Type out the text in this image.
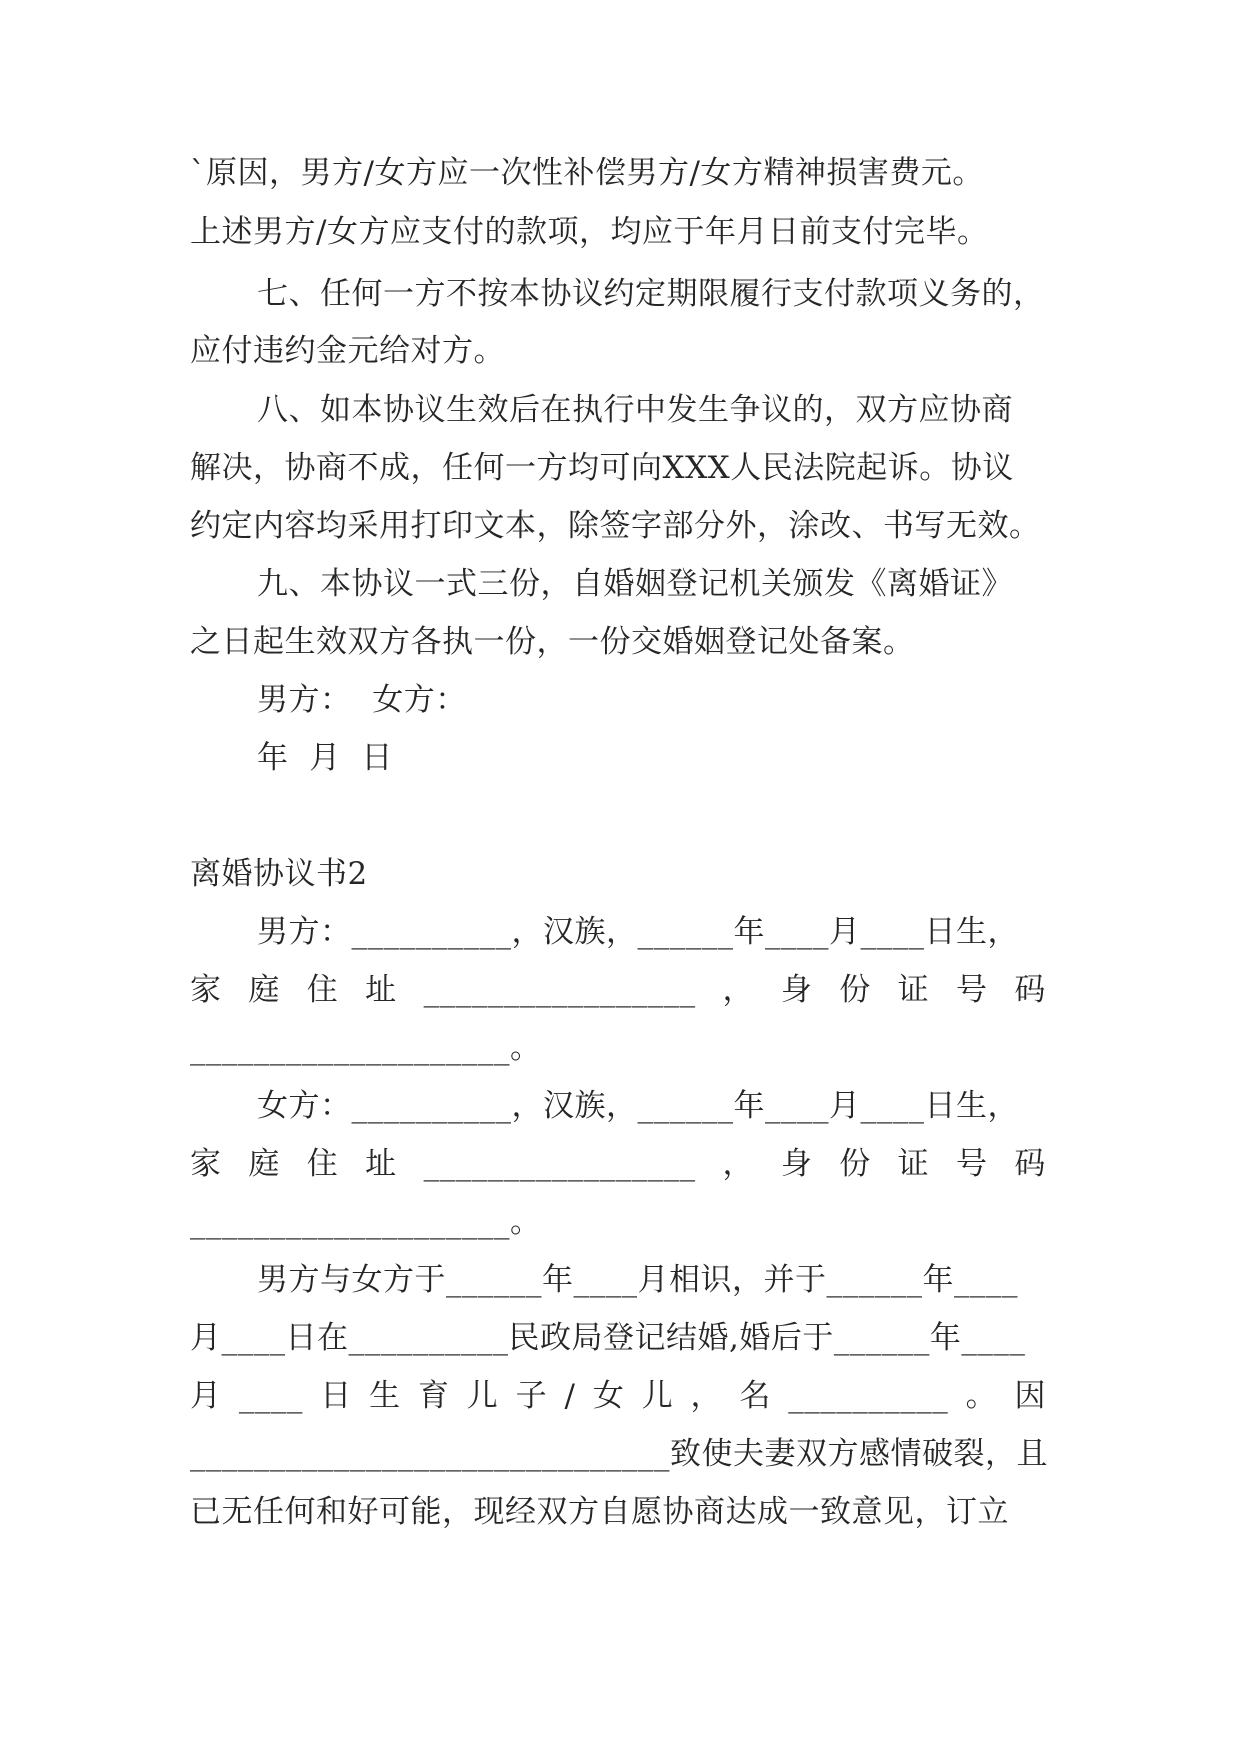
`原因，男方/女方应一次性补偿男方/女方精神损害费元。
上述男方/女方应支付的款项，均应于年月日前支付完毕。
七、任何一方不按本协议约定期限履行支付款项义务的，
应付违约金元给对方。
八、如本协议生效后在执行中发生争议的，双方应协商
解决，协商不成，任何一方均可向XXX人民法院起诉。协议
约定内容均采用打印文本，除签字部分外，涂改、书写无效。
九、本协议一式三份，自婚姻登记机关颁发《离婚证》
之日起生效双方各执一份，一份交婚姻登记处备案。
男方：  女方：
年  月  日
离婚协议书2
男方：__________，汉族，______年____月____日生，
家 庭 住 址 _________________ ， 身 份 证 号 码
____________________。
女方：__________，汉族，______年____月____日生，
家 庭 住 址 _________________ ， 身 份 证 号 码
____________________。
男方与女方于______年____月相识，并于______年____
月____日在__________民政局登记结婚,婚后于______年____
月 ____ 日 生 育 儿 子 / 女 儿 ， 名 __________ 。 因
______________________________致使夫妻双方感情破裂，且
已无任何和好可能，现经双方自愿协商达成一致意见，订立
